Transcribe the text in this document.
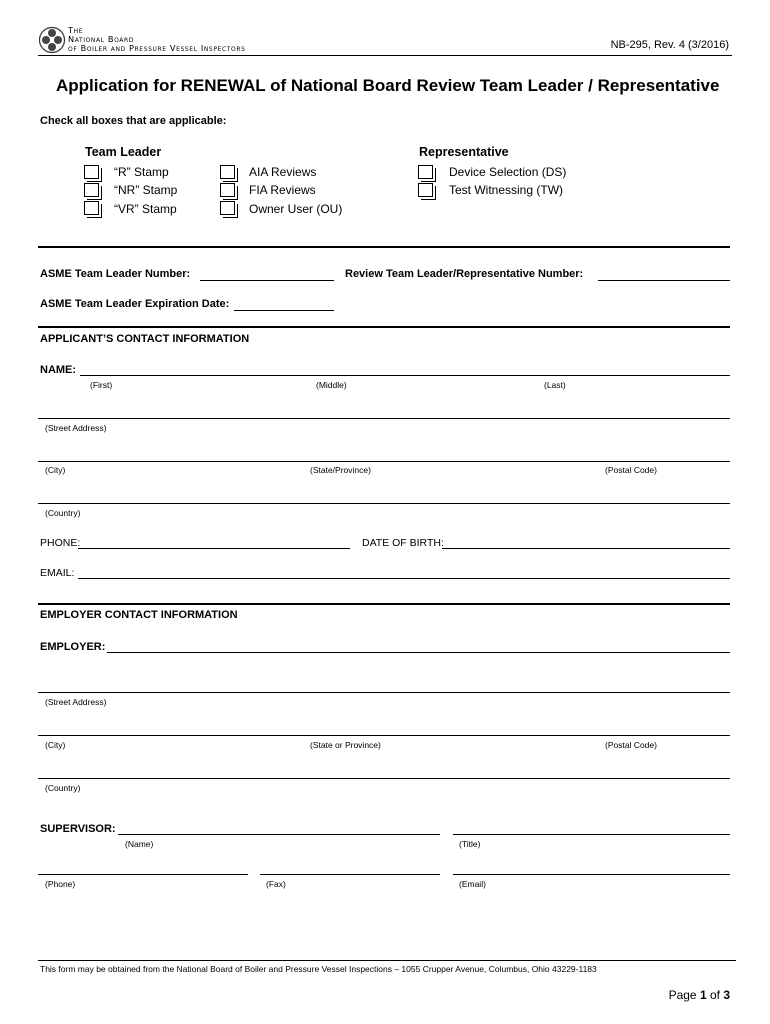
The
National Board
of Boiler and Pressure Vessel Inspectors	NB-295, Rev. 4 (3/2016)
Application for RENEWAL of National Board Review Team Leader / Representative
Check all boxes that are applicable:
Team Leader
“R” Stamp
“NR” Stamp
“VR” Stamp
AIA Reviews
FIA Reviews
Owner User (OU)
Representative
Device Selection (DS)
Test Witnessing (TW)
ASME Team Leader Number:	Review Team Leader/Representative Number:
ASME Team Leader Expiration Date:
APPLICANT’S CONTACT INFORMATION
NAME:
(First)	(Middle)	(Last)
(Street Address)
(City)	(State/Province)	(Postal Code)
(Country)
PHONE:	DATE OF BIRTH:
EMAIL:
EMPLOYER CONTACT INFORMATION
EMPLOYER:
(Street Address)
(City)	(State or Province)	(Postal Code)
(Country)
SUPERVISOR:
(Name)	(Title)
(Phone)	(Fax)	(Email)
This form may be obtained from the National Board of Boiler and Pressure Vessel Inspections – 1055 Crupper Avenue, Columbus, Ohio 43229-1183
Page 1 of 3
